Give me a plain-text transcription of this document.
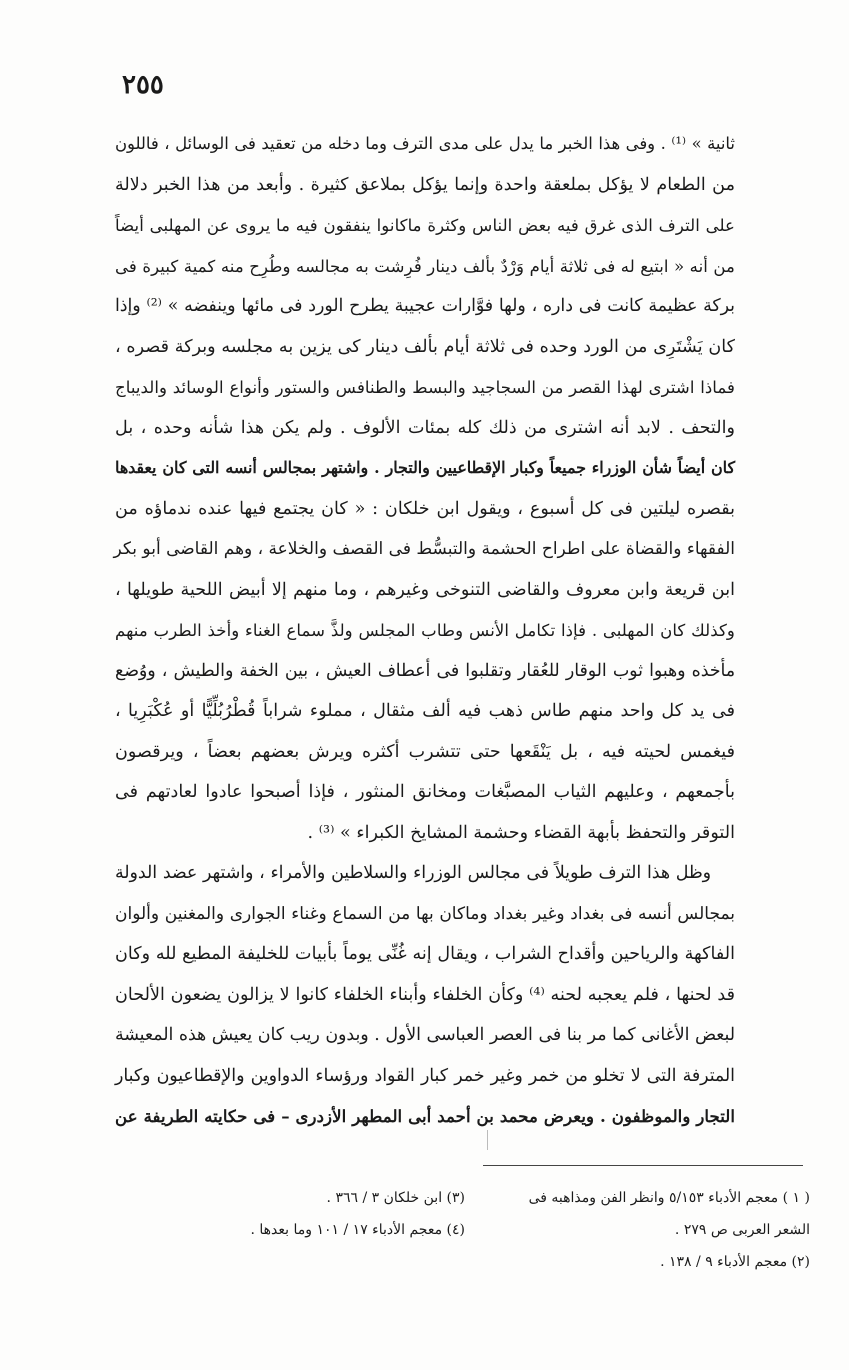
٢٥٥
ثانية » ⁽¹⁾ . وفى هذا الخبر ما يدل على مدى الترف وما دخله من تعقيد فى الوسائل ، فاللون
من الطعام لا يؤكل بملعقة واحدة وإنما يؤكل بملاعق كثيرة . وأبعد من هذا الخبر دلالة
على الترف الذى غرق فيه بعض الناس وكثرة ماكانوا ينفقون فيه ما يروى عن المهلبى أيضاً
من أنه « ابتيع له فى ثلاثة أيام وَرْدٌ بألف دينار فُرِشت به مجالسه وطُرِح منه كمية كبيرة فى
بركة عظيمة كانت فى داره ، ولها فوَّارات عجيبة يطرح الورد فى مائها وينفضه » ⁽²⁾ وإذا
كان يَشْتَرِى من الورد وحده فى ثلاثة أيام بألف دينار كى يزين به مجلسه وبركة قصره ،
فماذا اشترى لهذا القصر من السجاجيد والبسط والطنافس والستور وأنواع الوسائد والديباج
والتحف . لابد أنه اشترى من ذلك كله بمئات الألوف . ولم يكن هذا شأنه وحده ، بل
كان أيضاً شأن الوزراء جميعاً وكبار الإقطاعيين والتجار . واشتهر بمجالس أنسه التى كان يعقدها
بقصره ليلتين فى كل أسبوع ، ويقول ابن خلكان : « كان يجتمع فيها عنده ندماؤه من
الفقهاء والقضاة على اطراح الحشمة والتبسُّط فى القصف والخلاعة ، وهم القاضى أبو بكر
ابن قريعة وابن معروف والقاضى التنوخى وغيرهم ، وما منهم إلا أبيض اللحية طويلها ،
وكذلك كان المهلبى . فإذا تكامل الأنس وطاب المجلس ولذَّ سماع الغناء وأخذ الطرب منهم
مأخذه وهبوا ثوب الوقار للعُقار وتقلبوا فى أعطاف العيش ، بين الخفة والطيش ، ووُضع
فى يد كل واحد منهم طاس ذهب فيه ألف مثقال ، مملوء شراباً قُطْرُبُلِّيًّا أو عُكْبَرِيا ،
فيغمس لحيته فيه ، بل يَنْقَعها حتى تتشرب أكثره ويرش بعضهم بعضاً ، ويرقصون
بأجمعهم ، وعليهم الثياب المصبَّغات ومخانق المنثور ، فإذا أصبحوا عادوا لعادتهم فى
التوقر والتحفظ بأبهة القضاء وحشمة المشايخ الكبراء » ⁽³⁾ .
وظل هذا الترف طويلاً فى مجالس الوزراء والسلاطين والأمراء ، واشتهر عضد الدولة
بمجالس أنسه فى بغداد وغير بغداد وماكان بها من السماع وغناء الجوارى والمغنين وألوان
الفاكهة والرياحين وأقداح الشراب ، ويقال إنه غُنِّى يوماً بأبيات للخليفة المطيع لله وكان
قد لحنها ، فلم يعجبه لحنه ⁽⁴⁾ وكأن الخلفاء وأبناء الخلفاء كانوا لا يزالون يضعون الألحان
لبعض الأغانى كما مر بنا فى العصر العباسى الأول . وبدون ريب كان يعيش هذه المعيشة
المترفة التى لا تخلو من خمر وغير خمر كبار القواد ورؤساء الدواوين والإقطاعيون وكبار
التجار والموظفون . ويعرض محمد بن أحمد أبى المطهر الأزدرى – فى حكايته الطريفة عن
( ١ ) معجم الأدباء ٥/١٥٣ وانظر الفن ومذاهبه فى
(٣) ابن خلكان ٣ / ٣٦٦ .
الشعر العربى ص ٢٧٩ .
(٤) معجم الأدباء ١٧ / ١٠١ وما بعدها .
(٢) معجم الأدباء ٩ / ١٣٨ .
